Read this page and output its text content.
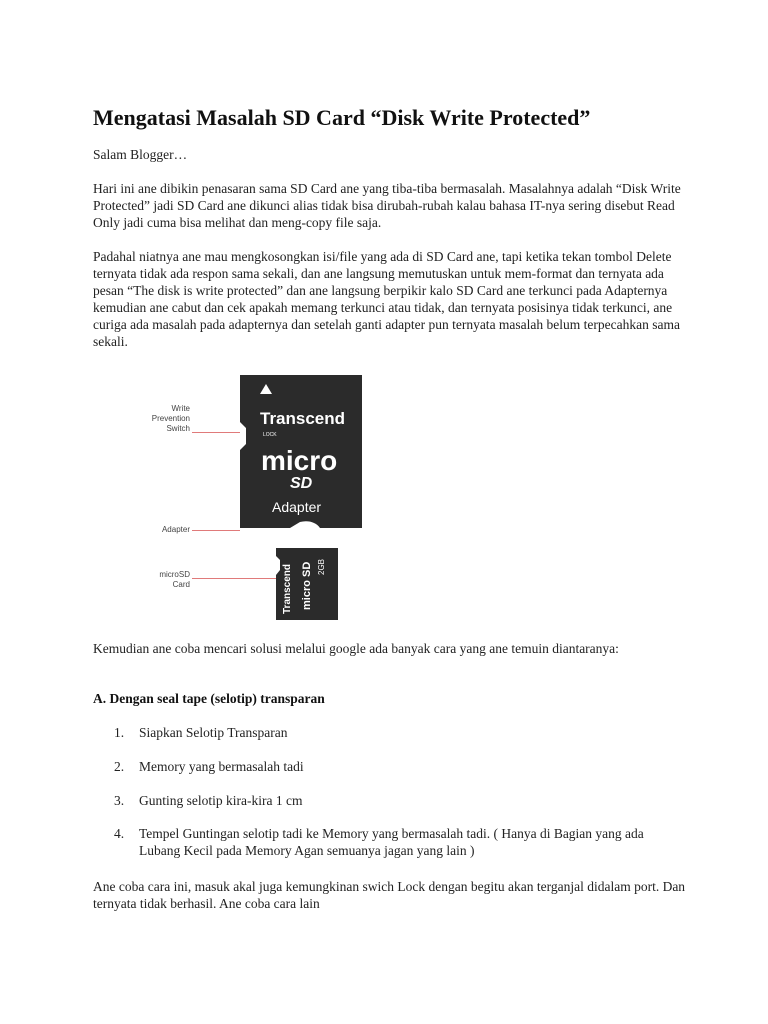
Mengatasi Masalah SD Card “Disk Write Protected”

Salam Blogger…

Hari ini ane dibikin penasaran sama SD Card ane yang tiba-tiba bermasalah. Masalahnya adalah “Disk Write Protected” jadi SD Card ane dikunci alias tidak bisa dirubah-rubah kalau bahasa IT-nya sering disebut Read Only jadi cuma bisa melihat dan meng-copy file saja.

Padahal niatnya ane mau mengkosongkan isi/file yang ada di SD Card ane, tapi ketika tekan tombol Delete ternyata tidak ada respon sama sekali, dan ane langsung memutuskan untuk mem-format dan ternyata ada pesan “The disk is write protected” dan ane langsung berpikir kalo SD Card ane terkunci pada Adapternya kemudian ane cabut dan cek apakah memang terkunci atau tidak, dan ternyata posisinya tidak terkunci, ane curiga ada masalah pada adapternya dan setelah ganti adapter pun ternyata masalah belum terpecahkan sama sekali.

Transcend
LOCK
micro
SD
Adapter
Transcend micro SD 2GB
Write
Prevention
Switch
Adapter
microSD
Card

Kemudian ane coba mencari solusi melalui google ada banyak cara yang ane temuin diantaranya:

A. Dengan seal tape (selotip) transparan

1.	Siapkan Selotip Transparan
2.	Memory yang bermasalah tadi
3.	Gunting selotip kira-kira 1 cm
4.	Tempel Guntingan selotip tadi ke Memory yang bermasalah tadi. ( Hanya di Bagian yang ada Lubang Kecil pada Memory Agan semuanya jagan yang lain )

Ane coba cara ini, masuk akal juga kemungkinan swich Lock dengan begitu akan terganjal didalam port. Dan ternyata tidak berhasil. Ane coba cara lain
